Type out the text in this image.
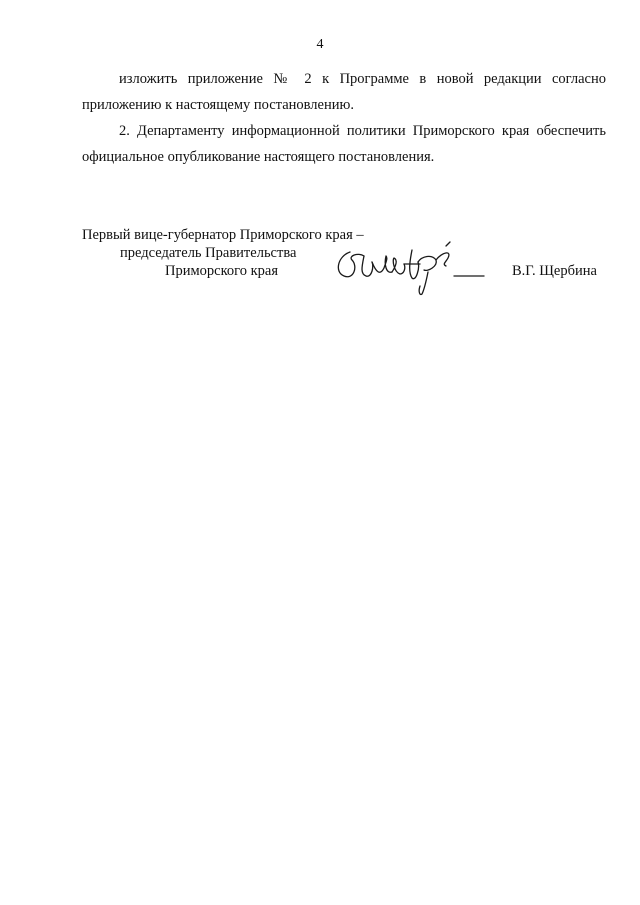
4

изложить приложение № 2 к Программе в новой редакции согласно приложению к настоящему постановлению.

2. Департаменту информационной политики Приморского края обеспечить официальное опубликование настоящего постановления.

Первый вице-губернатор Приморского края –
председатель Правительства
Приморского края	В.Г. Щербина
